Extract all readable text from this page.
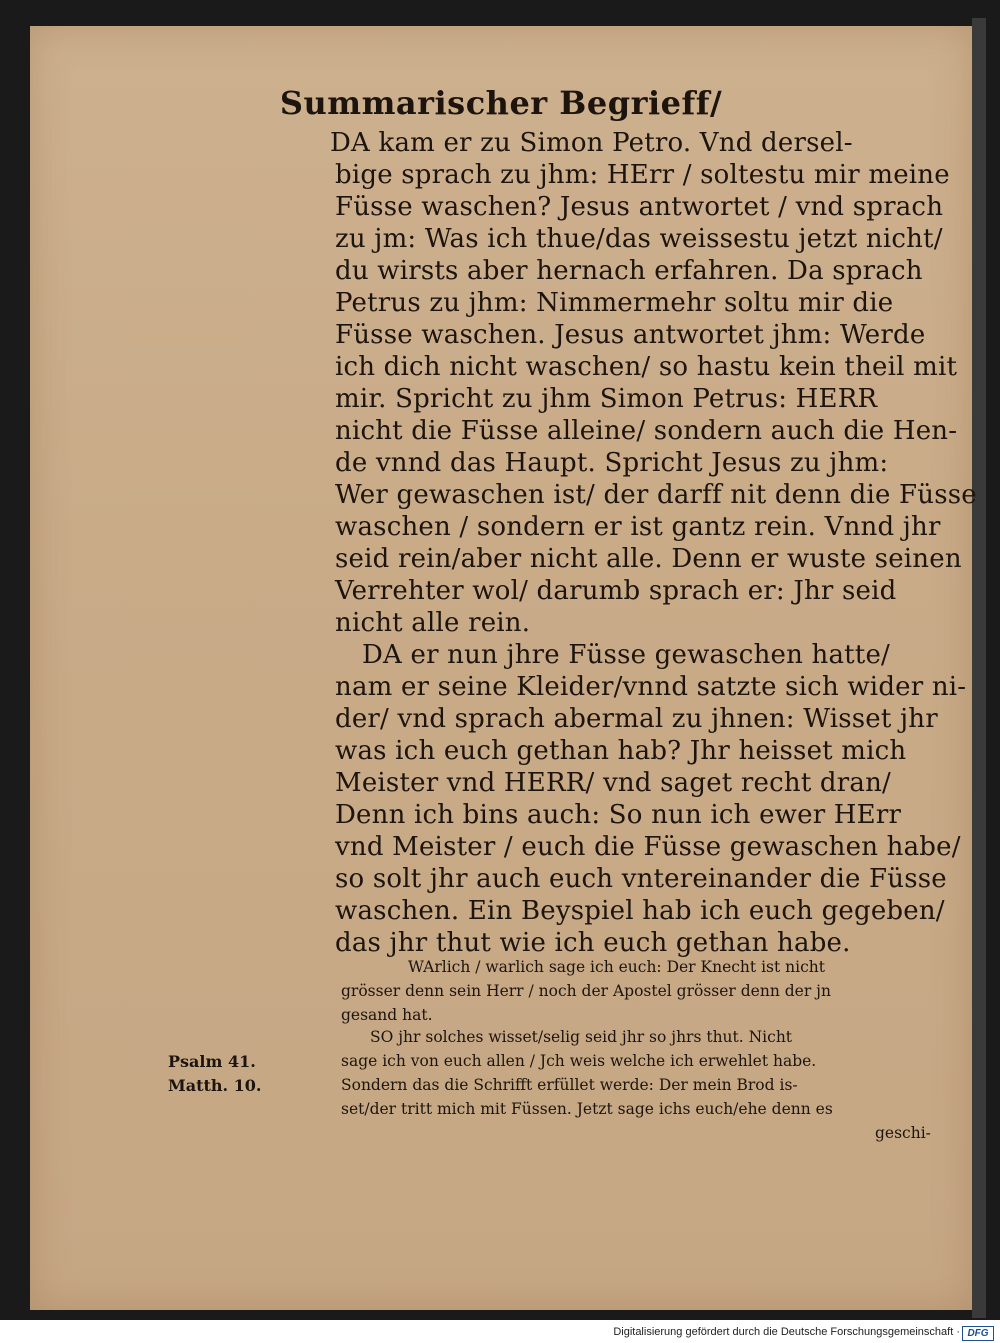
Summarischer Begrieff/
DA kam er zu Simon Petro. Vnd dersel-
bige sprach zu jhm: HErr / soltestu mir meine
Füsse waschen? Jesus antwortet / vnd sprach
zu jm: Was ich thue/das weissestu jetzt nicht/
du wirsts aber hernach erfahren. Da sprach
Petrus zu jhm: Nimmermehr soltu mir die
Füsse waschen. Jesus antwortet jhm: Werde
ich dich nicht waschen/ so hastu kein theil mit
mir. Spricht zu jhm Simon Petrus: HERR
nicht die Füsse alleine/ sondern auch die Hen-
de vnnd das Haupt. Spricht Jesus zu jhm:
Wer gewaschen ist/ der darff nit denn die Füsse
waschen / sondern er ist gantz rein. Vnnd jhr
seid rein/aber nicht alle. Denn er wuste seinen
Verrehter wol/ darumb sprach er: Jhr seid
nicht alle rein.
DA er nun jhre Füsse gewaschen hatte/
nam er seine Kleider/vnnd satzte sich wider ni-
der/ vnd sprach abermal zu jhnen: Wisset jhr
was ich euch gethan hab? Jhr heisset mich
Meister vnd HERR/ vnd saget recht dran/
Denn ich bins auch: So nun ich ewer HErr
vnd Meister / euch die Füsse gewaschen habe/
so solt jhr auch euch vntereinander die Füsse
waschen. Ein Beyspiel hab ich euch gegeben/
das jhr thut wie ich euch gethan habe.
WArlich / warlich sage ich euch: Der Knecht ist nicht
grösser denn sein Herr / noch der Apostel grösser denn der jn
gesand hat.
SO jhr solches wisset/selig seid jhr so jhrs thut. Nicht
sage ich von euch allen / Jch weis welche ich erwehlet habe.
Sondern das die Schrifft erfüllet werde: Der mein Brod is-
set/der tritt mich mit Füssen. Jetzt sage ichs euch/ehe denn es
geschi-
Psalm 41.
Matth. 10.
Digitalisierung gefördert durch die Deutsche Forschungsgemeinschaft · DFG
